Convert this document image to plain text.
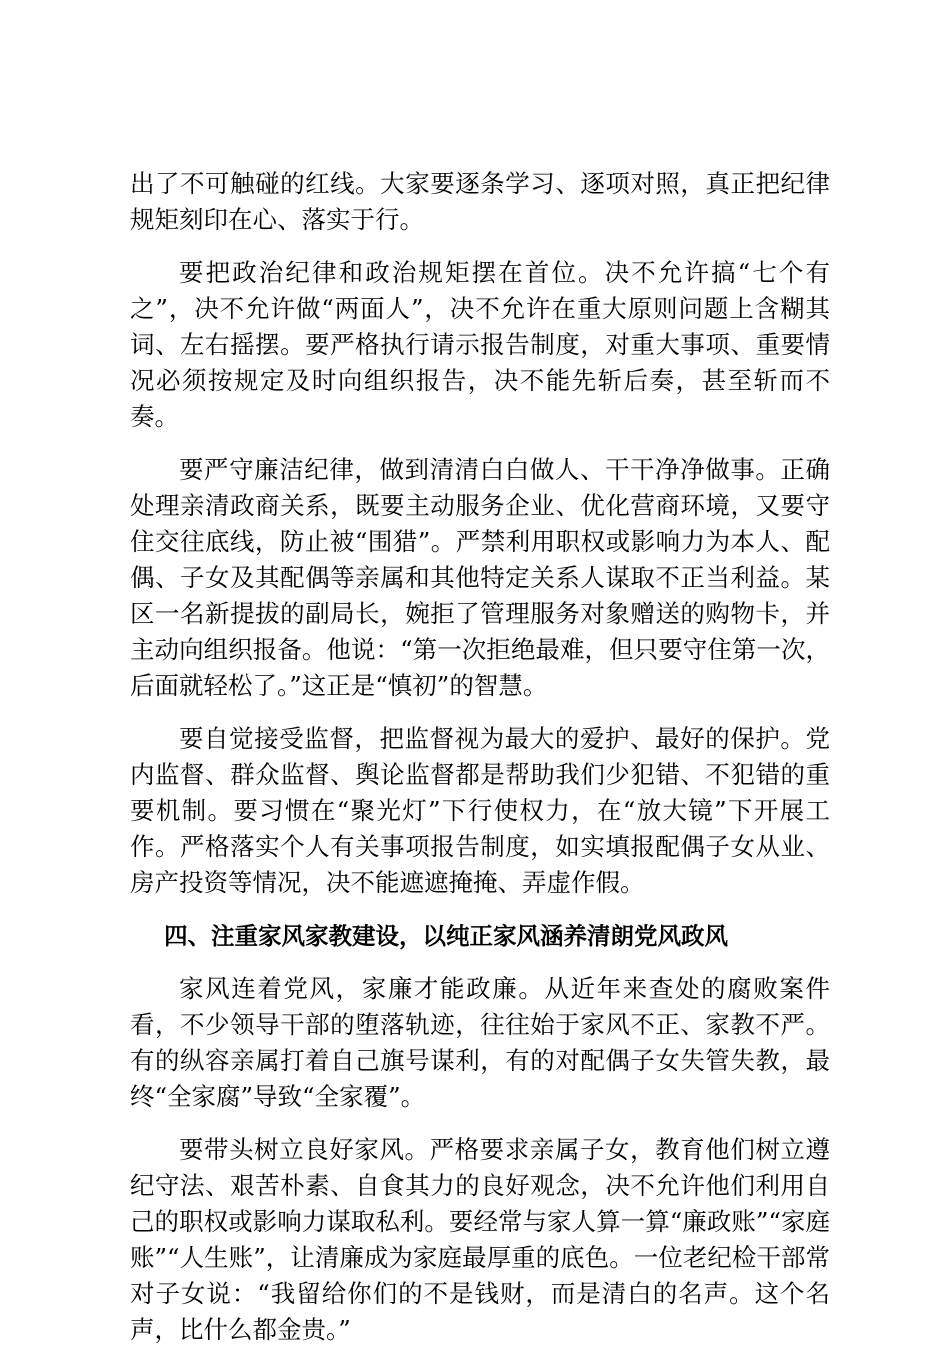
出了不可触碰的红线。大家要逐条学习、逐项对照，真正把纪律规矩刻印在心、落实于行。

要把政治纪律和政治规矩摆在首位。决不允许搞“七个有之”，决不允许做“两面人”，决不允许在重大原则问题上含糊其词、左右摇摆。要严格执行请示报告制度，对重大事项、重要情况必须按规定及时向组织报告，决不能先斩后奏，甚至斩而不奏。

要严守廉洁纪律，做到清清白白做人、干干净净做事。正确处理亲清政商关系，既要主动服务企业、优化营商环境，又要守住交往底线，防止被“围猎”。严禁利用职权或影响力为本人、配偶、子女及其配偶等亲属和其他特定关系人谋取不正当利益。某区一名新提拔的副局长，婉拒了管理服务对象赠送的购物卡，并主动向组织报备。他说：“第一次拒绝最难，但只要守住第一次，后面就轻松了。”这正是“慎初”的智慧。

要自觉接受监督，把监督视为最大的爱护、最好的保护。党内监督、群众监督、舆论监督都是帮助我们少犯错、不犯错的重要机制。要习惯在“聚光灯”下行使权力，在“放大镜”下开展工作。严格落实个人有关事项报告制度，如实填报配偶子女从业、房产投资等情况，决不能遮遮掩掩、弄虚作假。

四、注重家风家教建设，以纯正家风涵养清朗党风政风

家风连着党风，家廉才能政廉。从近年来查处的腐败案件看，不少领导干部的堕落轨迹，往往始于家风不正、家教不严。有的纵容亲属打着自己旗号谋利，有的对配偶子女失管失教，最终“全家腐”导致“全家覆”。

要带头树立良好家风。严格要求亲属子女，教育他们树立遵纪守法、艰苦朴素、自食其力的良好观念，决不允许他们利用自己的职权或影响力谋取私利。要经常与家人算一算“廉政账”“家庭账”“人生账”，让清廉成为家庭最厚重的底色。一位老纪检干部常对子女说：“我留给你们的不是钱财，而是清白的名声。这个名声，比什么都金贵。”
